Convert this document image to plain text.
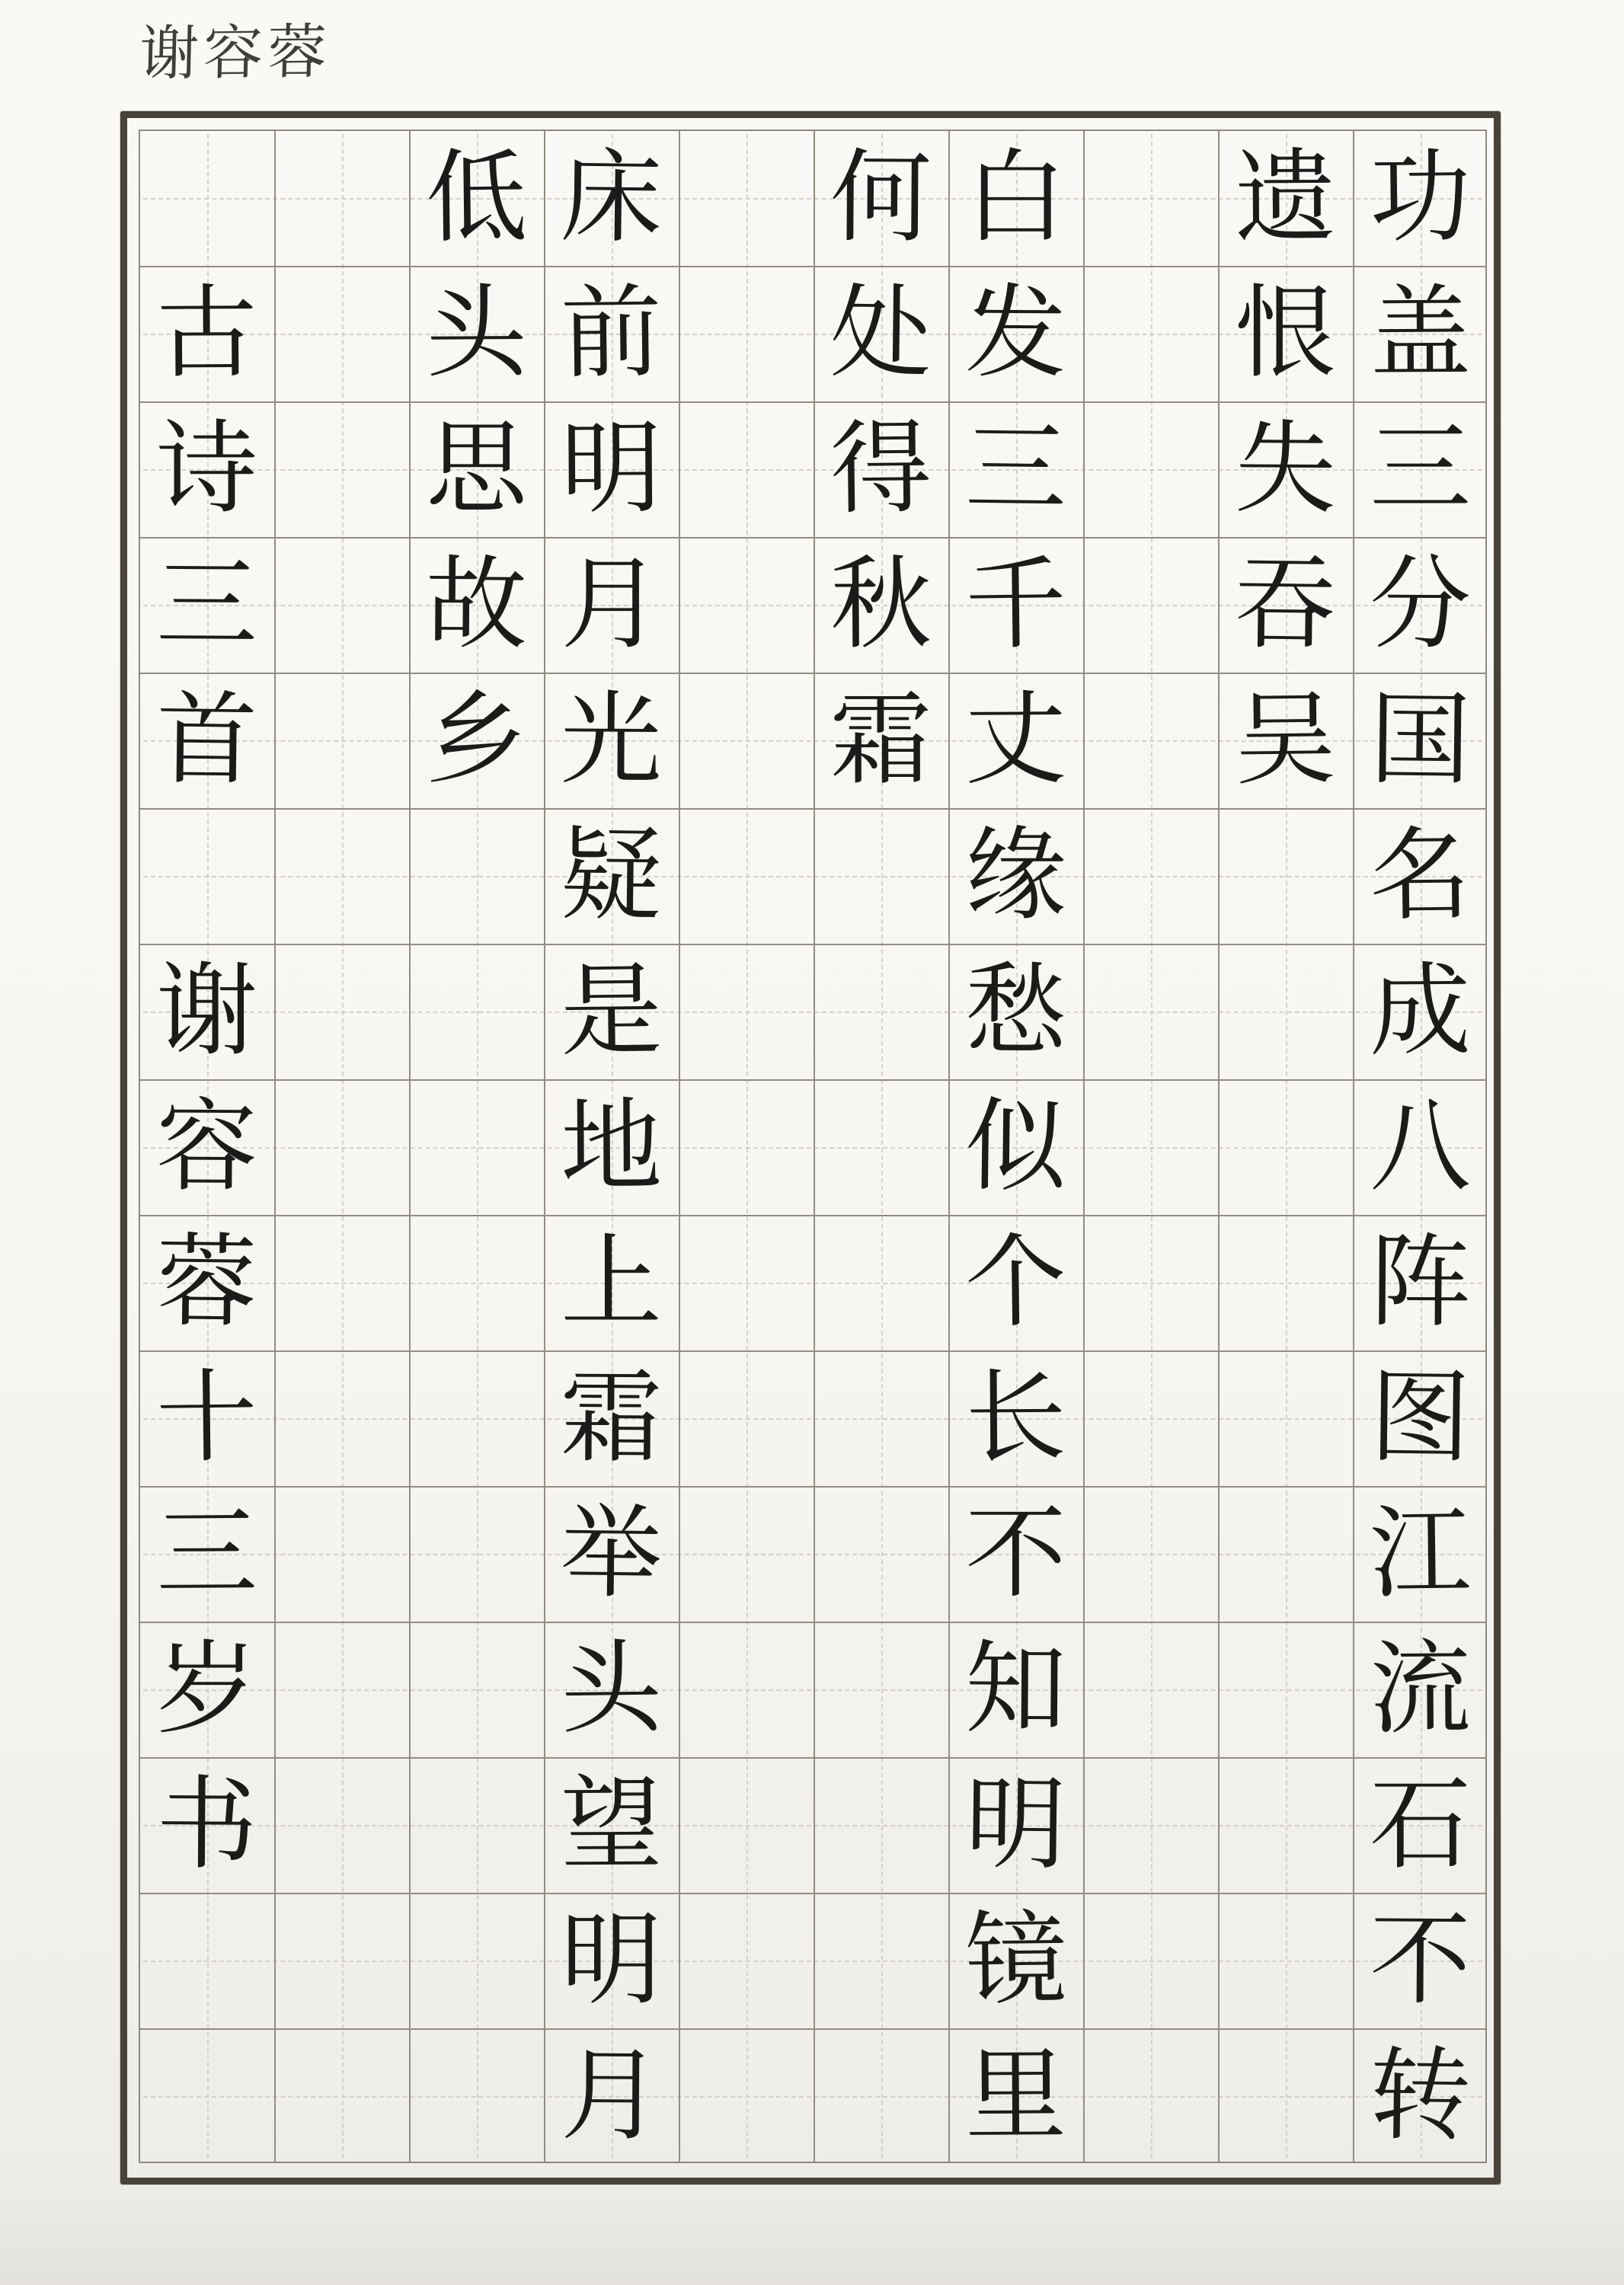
谢容蓉
功
盖
三
分
国
名
成
八
阵
图
江
流
石
不
转
遗
恨
失
吞
吴
白
发
三
千
丈
缘
愁
似
个
长
不
知
明
镜
里
何
处
得
秋
霜
床
前
明
月
光
疑
是
地
上
霜
举
头
望
明
月
低
头
思
故
乡
古
诗
三
首
谢
容
蓉
十
三
岁
书
